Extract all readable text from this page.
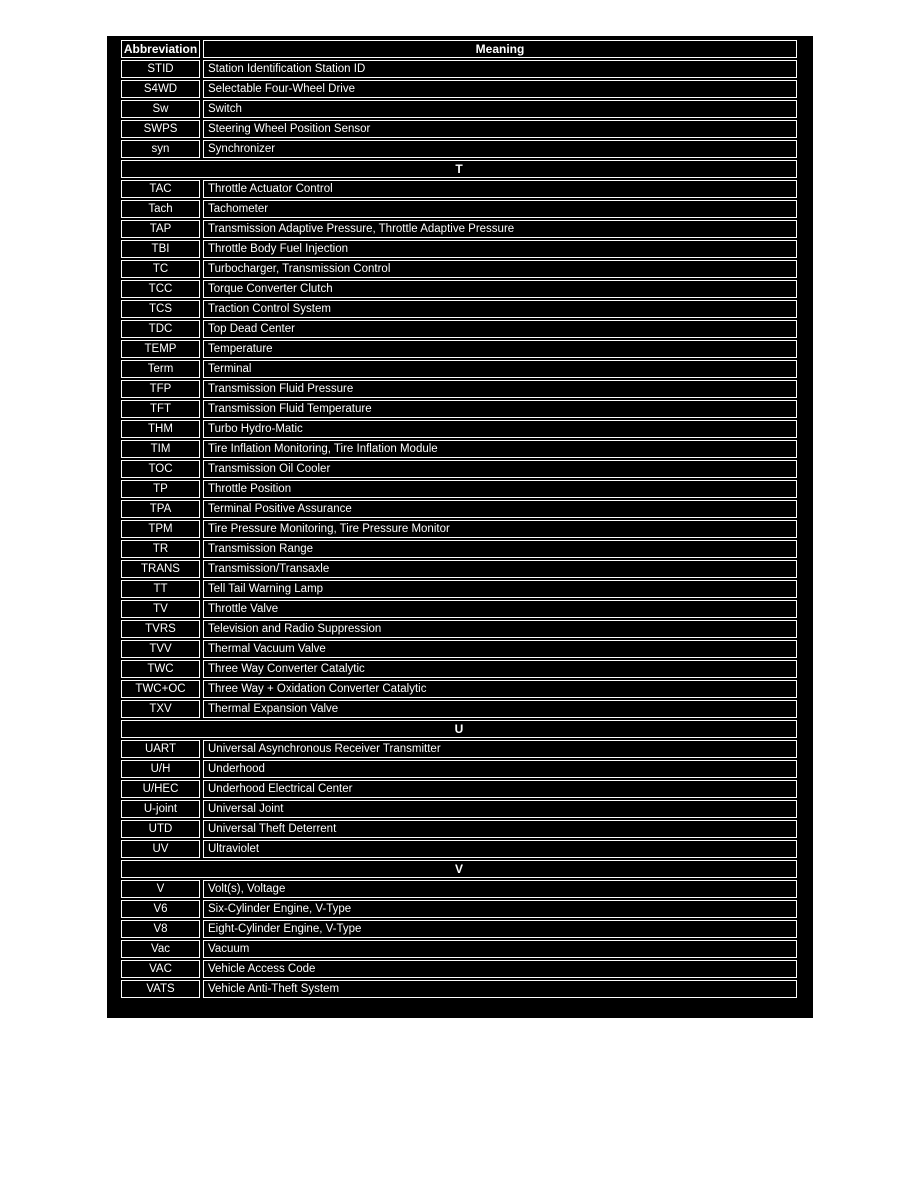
Abbreviation	Meaning
STID	Station Identification Station ID
S4WD	Selectable Four-Wheel Drive
Sw	Switch
SWPS	Steering Wheel Position Sensor
syn	Synchronizer
T	
TAC	Throttle Actuator Control
Tach	Tachometer
TAP	Transmission Adaptive Pressure, Throttle Adaptive Pressure
TBI	Throttle Body Fuel Injection
TC	Turbocharger, Transmission Control
TCC	Torque Converter Clutch
TCS	Traction Control System
TDC	Top Dead Center
TEMP	Temperature
Term	Terminal
TFP	Transmission Fluid Pressure
TFT	Transmission Fluid Temperature
THM	Turbo Hydro-Matic
TIM	Tire Inflation Monitoring, Tire Inflation Module
TOC	Transmission Oil Cooler
TP	Throttle Position
TPA	Terminal Positive Assurance
TPM	Tire Pressure Monitoring, Tire Pressure Monitor
TR	Transmission Range
TRANS	Transmission/Transaxle
TT	Tell Tail Warning Lamp
TV	Throttle Valve
TVRS	Television and Radio Suppression
TVV	Thermal Vacuum Valve
TWC	Three Way Converter Catalytic
TWC+OC	Three Way + Oxidation Converter Catalytic
TXV	Thermal Expansion Valve
U	
UART	Universal Asynchronous Receiver Transmitter
U/H	Underhood
U/HEC	Underhood Electrical Center
U-joint	Universal Joint
UTD	Universal Theft Deterrent
UV	Ultraviolet
V	
V	Volt(s), Voltage
V6	Six-Cylinder Engine, V-Type
V8	Eight-Cylinder Engine, V-Type
Vac	Vacuum
VAC	Vehicle Access Code
VATS	Vehicle Anti-Theft System
